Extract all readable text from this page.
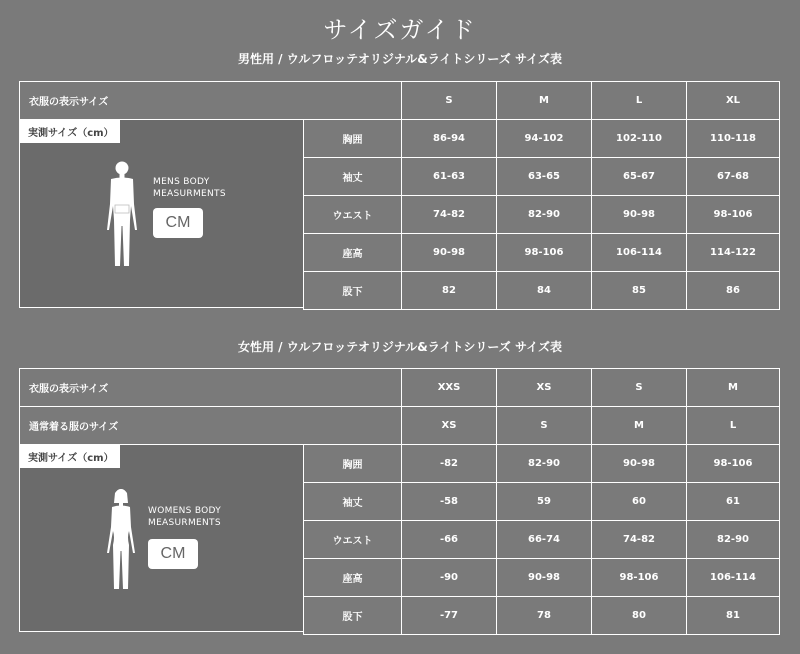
サイズガイド
男性用 / ウルフロッテオリジナル&ライトシリーズ サイズ表
衣服の表示サイズ	S	M	L	XL
実測サイズ（cm）
MENS BODY
MEASURMENTS
CM
胸囲	86-94	94-102	102-110	110-118
袖丈	61-63	63-65	65-67	67-68
ウエスト	74-82	82-90	90-98	98-106
座高	90-98	98-106	106-114	114-122
股下	82	84	85	86
女性用 / ウルフロッテオリジナル&ライトシリーズ サイズ表
衣服の表示サイズ	XXS	XS	S	M
通常着る服のサイズ	XS	S	M	L
実測サイズ（cm）
WOMENS BODY
MEASURMENTS
CM
胸囲	-82	82-90	90-98	98-106
袖丈	-58	59	60	61
ウエスト	-66	66-74	74-82	82-90
座高	-90	90-98	98-106	106-114
股下	-77	78	80	81
